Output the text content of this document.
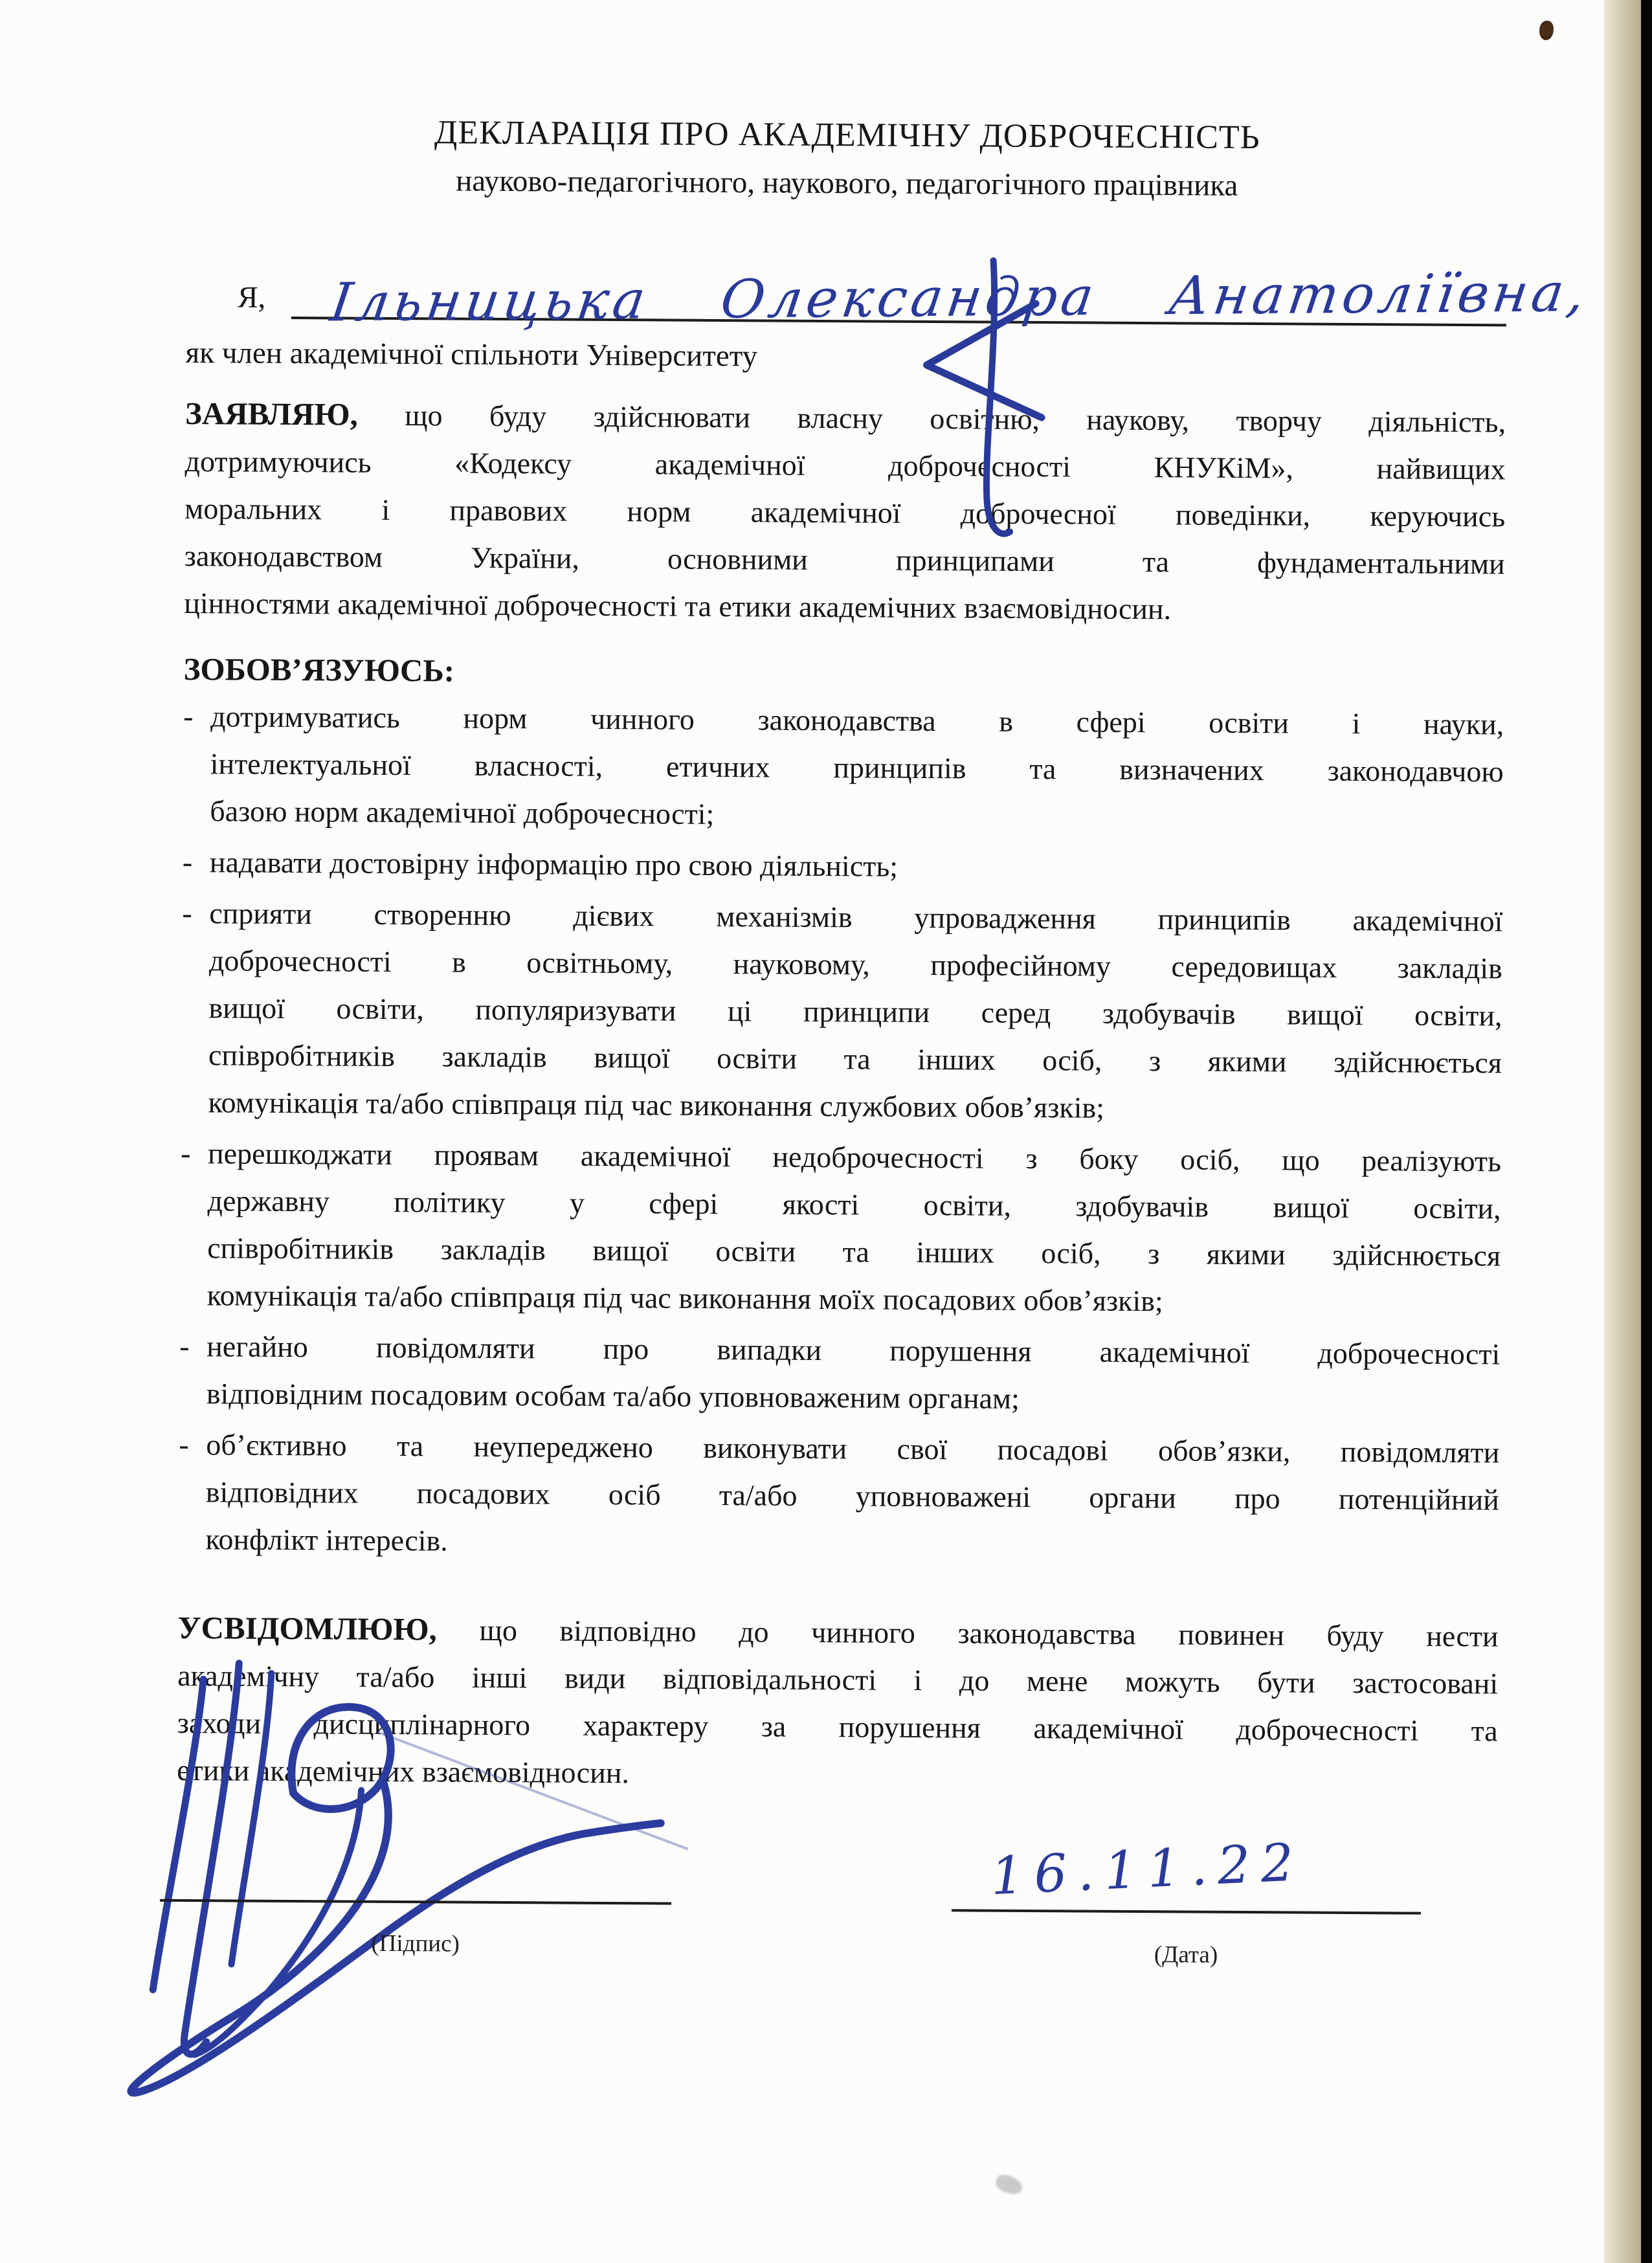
ДЕКЛАРАЦІЯ ПРО АКАДЕМІЧНУ ДОБРОЧЕСНІСТЬ
науково-педагогічного, наукового, педагогічного працівника
Я, Ільницька Олександра Анатоліївна,
як член академічної спільноти Університету

ЗАЯВЛЯЮ, що буду здійснювати власну освітню, наукову, творчу діяльність,
дотримуючись «Кодексу академічної доброчесності КНУКіМ», найвищих
моральних і правових норм академічної доброчесної поведінки, керуючись
законодавством України, основними принципами та фундаментальними
цінностями академічної доброчесності та етики академічних взаємовідносин.

ЗОБОВ’ЯЗУЮСЬ:
- дотримуватись норм чинного законодавства в сфері освіти і науки,
інтелектуальної власності, етичних принципів та визначених законодавчою
базою норм академічної доброчесності;
- надавати достовірну інформацію про свою діяльність;
- сприяти створенню дієвих механізмів упровадження принципів академічної
доброчесності в освітньому, науковому, професійному середовищах закладів
вищої освіти, популяризувати ці принципи серед здобувачів вищої освіти,
співробітників закладів вищої освіти та інших осіб, з якими здійснюється
комунікація та/або співпраця під час виконання службових обов’язків;
- перешкоджати проявам академічної недоброчесності з боку осіб, що реалізують
державну політику у сфері якості освіти, здобувачів вищої освіти,
співробітників закладів вищої освіти та інших осіб, з якими здійснюється
комунікація та/або співпраця під час виконання моїх посадових обов’язків;
- негайно повідомляти про випадки порушення академічної доброчесності
відповідним посадовим особам та/або уповноваженим органам;
- об’єктивно та неупереджено виконувати свої посадові обов’язки, повідомляти
відповідних посадових осіб та/або уповноважені органи про потенційний
конфлікт інтересів.

УСВІДОМЛЮЮ, що відповідно до чинного законодавства повинен буду нести
академічну та/або інші види відповідальності і до мене можуть бути застосовані
заходи дисциплінарного характеру за порушення академічної доброчесності та
етики академічних взаємовідносин.

(Підпис)
16.11.22
(Дата)
